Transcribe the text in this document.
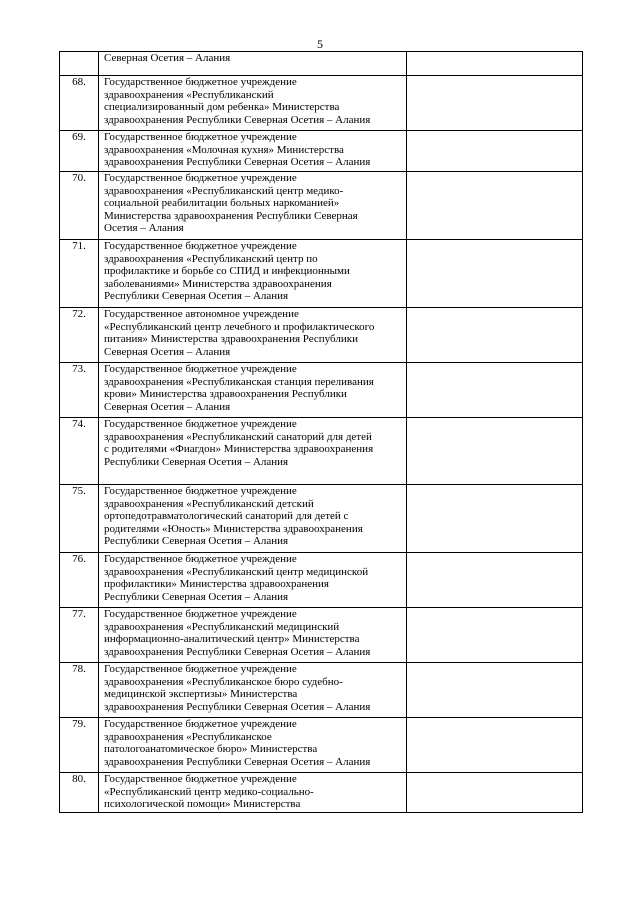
5

	Северная Осетия – Алания	

68.	Государственное бюджетное учреждение
здравоохранения «Республиканский
специализированный дом ребенка» Министерства
здравоохранения Республики Северная Осетия – Алания	

69.	Государственное бюджетное учреждение
здравоохранения «Молочная кухня» Министерства
здравоохранения Республики Северная Осетия – Алания	

70.	Государственное бюджетное учреждение
здравоохранения «Республиканский центр медико-
социальной реабилитации больных наркоманией»
Министерства здравоохранения Республики Северная
Осетия – Алания	

71.	Государственное бюджетное учреждение
здравоохранения «Республиканский центр по
профилактике и борьбе со СПИД и инфекционными
заболеваниями» Министерства здравоохранения
Республики Северная Осетия – Алания	

72.	Государственное автономное учреждение
«Республиканский центр лечебного и профилактического
питания» Министерства здравоохранения Республики
Северная Осетия – Алания	

73.	Государственное бюджетное учреждение
здравоохранения «Республиканская станция переливания
крови» Министерства здравоохранения Республики
Северная Осетия – Алания	

74.	Государственное бюджетное учреждение
здравоохранения «Республиканский санаторий для детей
с родителями «Фиагдон» Министерства здравоохранения
Республики Северная Осетия – Алания	

75.	Государственное бюджетное учреждение
здравоохранения «Республиканский детский
ортопедотравматологический санаторий для детей с
родителями «Юность» Министерства здравоохранения
Республики Северная Осетия – Алания	

76.	Государственное бюджетное учреждение
здравоохранения «Республиканский центр медицинской
профилактики» Министерства здравоохранения
Республики Северная Осетия – Алания	

77.	Государственное бюджетное учреждение
здравоохранения «Республиканский медицинский
информационно-аналитический центр» Министерства
здравоохранения Республики Северная Осетия – Алания	

78.	Государственное бюджетное учреждение
здравоохранения «Республиканское бюро судебно-
медицинской экспертизы» Министерства
здравоохранения Республики Северная Осетия – Алания	

79.	Государственное бюджетное учреждение
здравоохранения «Республиканское
патологоанатомическое бюро» Министерства
здравоохранения Республики Северная Осетия – Алания	

80.	Государственное бюджетное учреждение
«Республиканский центр медико-социально-
психологической помощи» Министерства	
